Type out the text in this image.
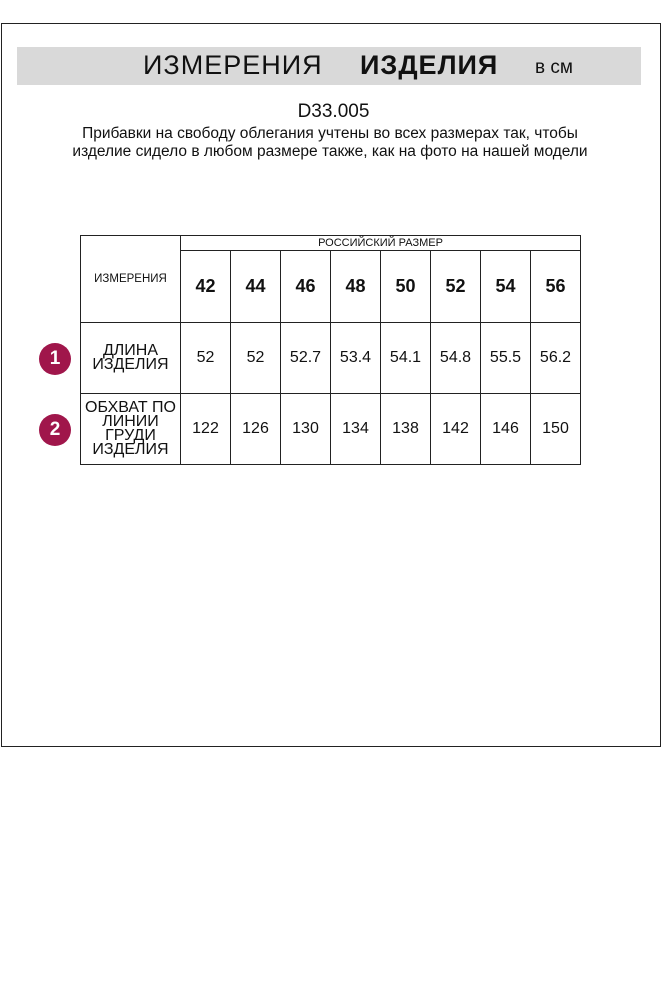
ИЗМЕРЕНИЯ ИЗДЕЛИЯ в см
D33.005
Прибавки на свободу облегания учтены во всех размерах так, чтобы изделие сидело в любом размере также, как на фото на нашей модели
ИЗМЕРЕНИЯ	РОССИЙСКИЙ РАЗМЕР							
	42	44	46	48	50	52	54	56
ДЛИНА ИЗДЕЛИЯ	52	52	52.7	53.4	54.1	54.8	55.5	56.2
ОБХВАТ ПО ЛИНИИ ГРУДИ ИЗДЕЛИЯ	122	126	130	134	138	142	146	150
1
2
